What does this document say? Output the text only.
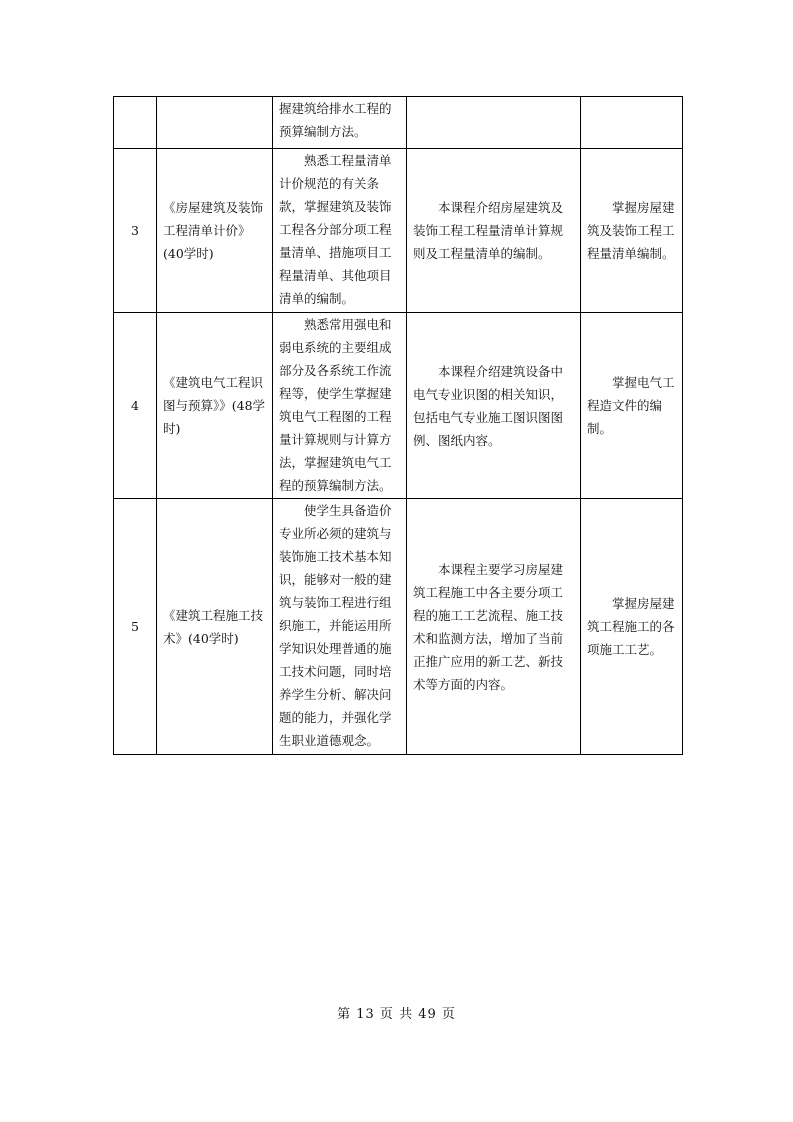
		握建筑给排水工程的预算编制方法。		

3	《房屋建筑及装饰工程清单计价》(40学时)	熟悉工程量清单计价规范的有关条款，掌握建筑及装饰工程各分部分项工程量清单、措施项目工程量清单、其他项目清单的编制。	本课程介绍房屋建筑及装饰工程工程量清单计算规则及工程量清单的编制。	掌握房屋建筑及装饰工程工程量清单编制。

4	《建筑电气工程识图与预算》》(48学时)	熟悉常用强电和弱电系统的主要组成部分及各系统工作流程等，使学生掌握建筑电气工程图的工程量计算规则与计算方法，掌握建筑电气工程的预算编制方法。	本课程介绍建筑设备中电气专业识图的相关知识，包括电气专业施工图识图图例、图纸内容。	掌握电气工程造文件的编制。

5	《建筑工程施工技术》(40学时)	使学生具备造价专业所必须的建筑与装饰施工技术基本知识，能够对一般的建筑与装饰工程进行组织施工，并能运用所学知识处理普通的施工技术问题，同时培养学生分析、解决问题的能力，并强化学生职业道德观念。	本课程主要学习房屋建筑工程施工中各主要分项工程的施工工艺流程、施工技术和监测方法，增加了当前正推广应用的新工艺、新技术等方面的内容。	掌握房屋建筑工程施工的各项施工工艺。
第 13 页 共 49 页
